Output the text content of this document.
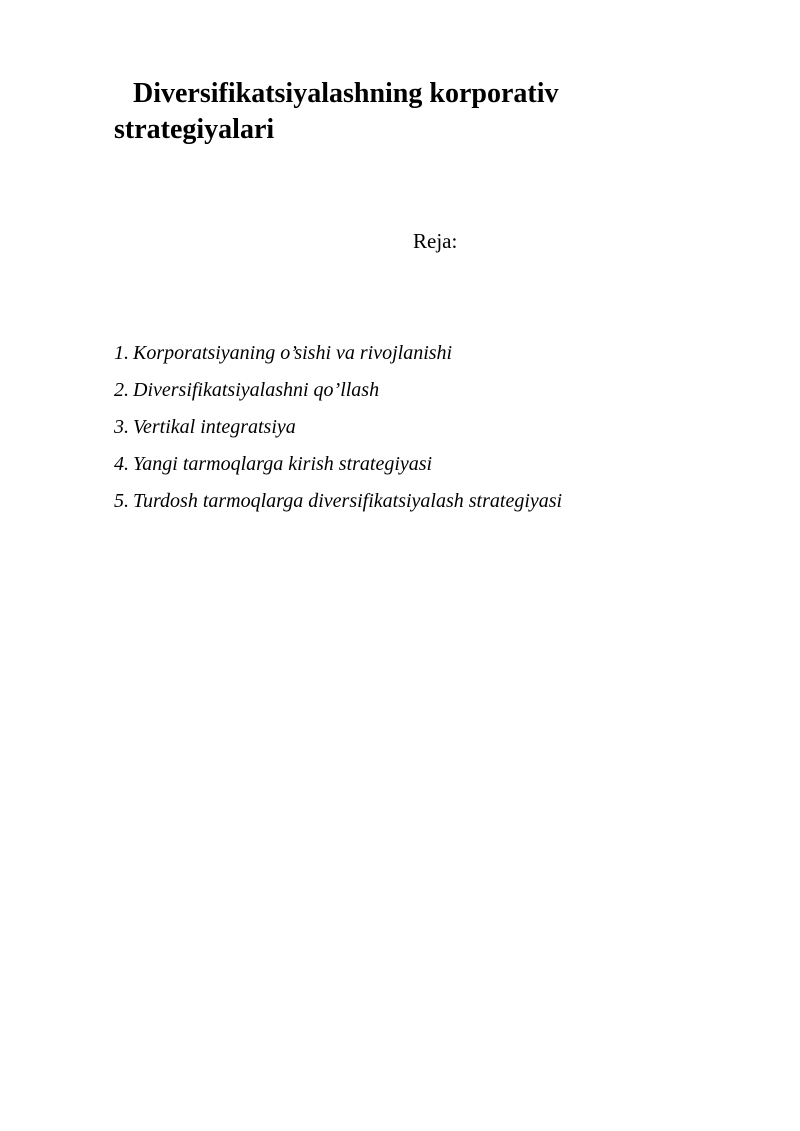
Diversifikatsiyalashning korporativ strategiyalari

Reja:

1. Korporatsiyaning o’sishi va rivojlanishi
2. Diversifikatsiyalashni qo’llash
3. Vertikal integratsiya
4. Yangi tarmoqlarga kirish strategiyasi
5. Turdosh tarmoqlarga diversifikatsiyalash strategiyasi
